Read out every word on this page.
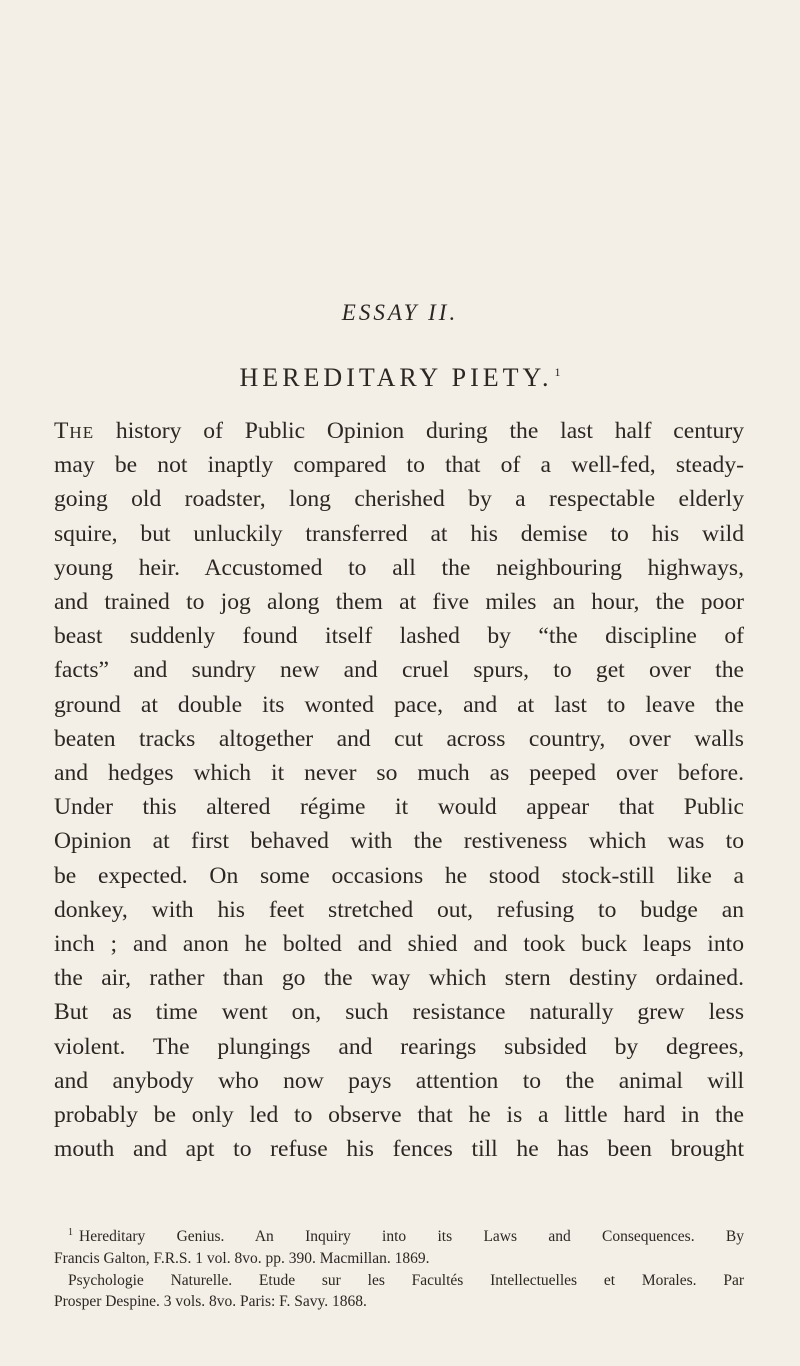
ESSAY II.
HEREDITARY PIETY. $^1$
The history of Public Opinion during the last half century
may be not inaptly compared to that of a well-fed, steady-
going old roadster, long cherished by a respectable elderly
squire, but unluckily transferred at his demise to his wild
young heir. Accustomed to all the neighbouring highways,
and trained to jog along them at five miles an hour, the poor
beast suddenly found itself lashed by “the discipline of
facts” and sundry new and cruel spurs, to get over the
ground at double its wonted pace, and at last to leave the
beaten tracks altogether and cut across country, over walls
and hedges which it never so much as peeped over before.
Under this altered régime it would appear that Public
Opinion at first behaved with the restiveness which was to
be expected. On some occasions he stood stock-still like a
donkey, with his feet stretched out, refusing to budge an
inch ; and anon he bolted and shied and took buck leaps into
the air, rather than go the way which stern destiny ordained.
But as time went on, such resistance naturally grew less
violent. The plungings and rearings subsided by degrees,
and anybody who now pays attention to the animal will
probably be only led to observe that he is a little hard in the
mouth and apt to refuse his fences till he has been brought
$^1$ Hereditary Genius. An Inquiry into its Laws and Consequences. By
Francis Galton, F.R.S. 1 vol. 8vo. pp. 390. Macmillan. 1869.
Psychologie Naturelle. Etude sur les Facultés Intellectuelles et Morales. Par
Prosper Despine. 3 vols. 8vo. Paris: F. Savy. 1868.
